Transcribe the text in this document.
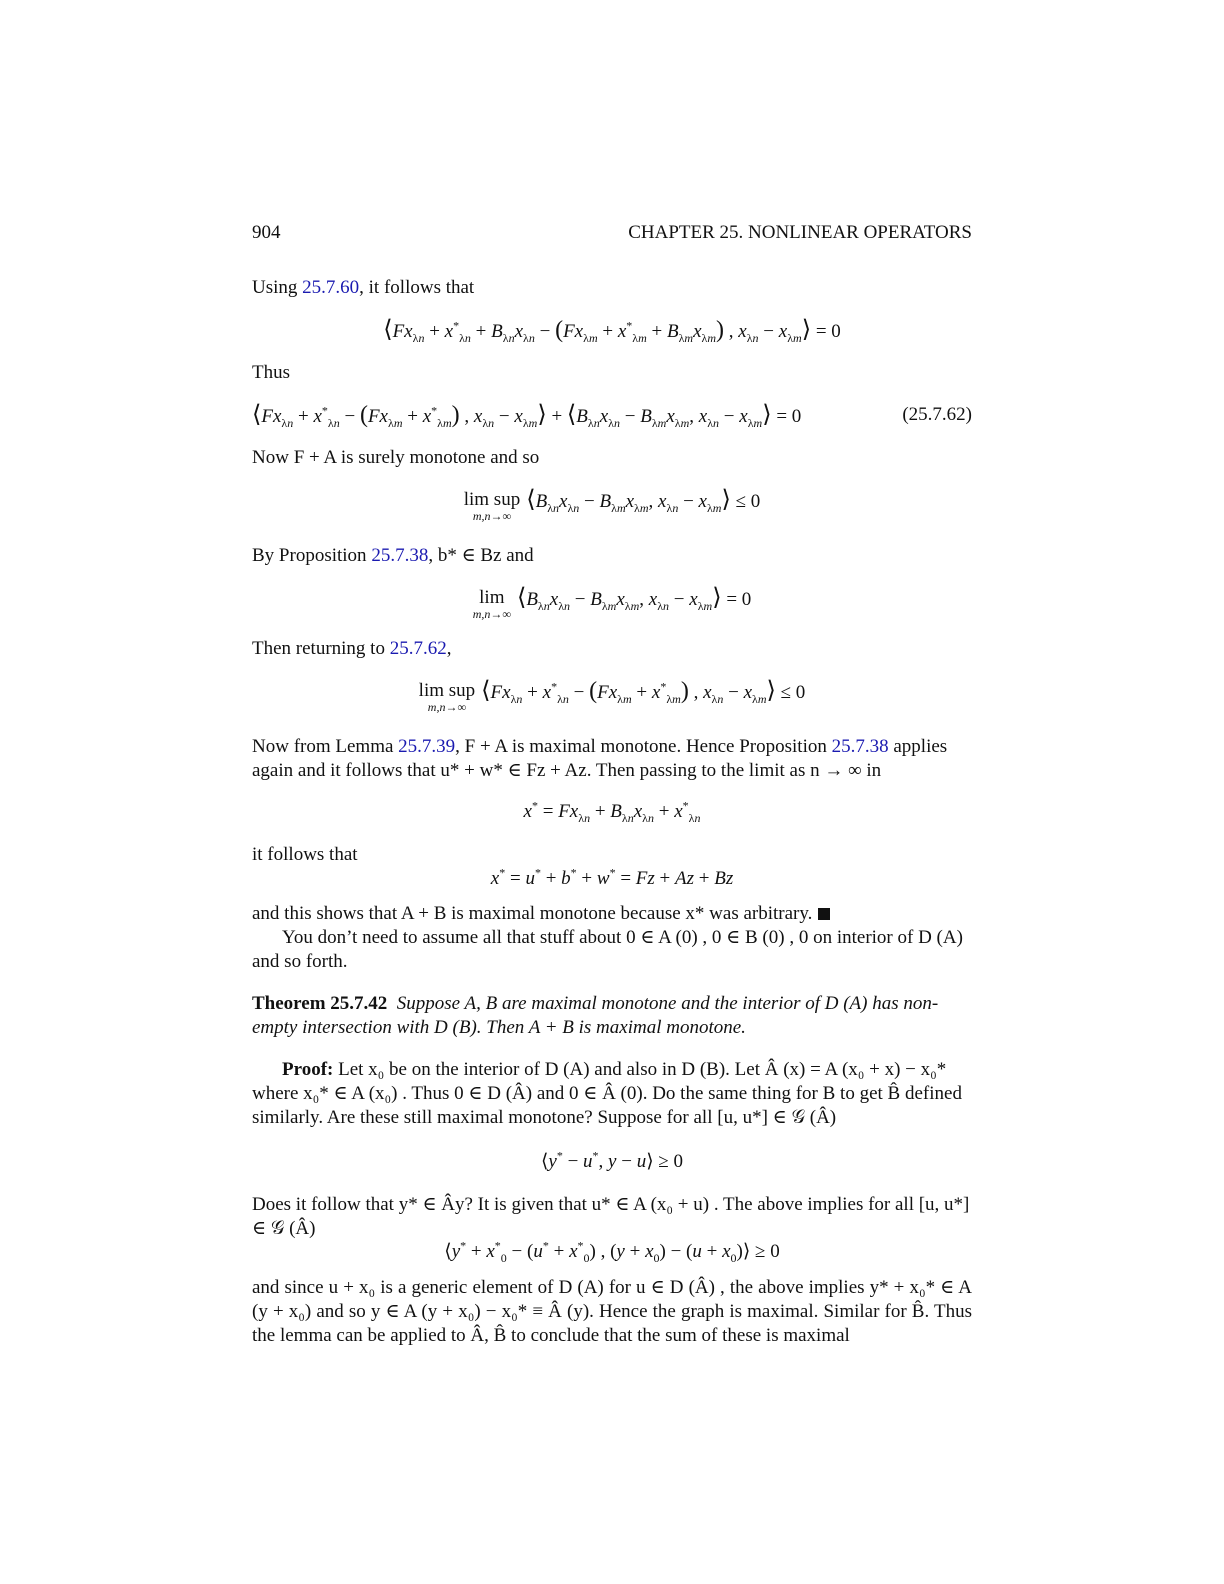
904	CHAPTER 25. NONLINEAR OPERATORS
Using 25.7.60, it follows that
$⟨Fx_{\lambda n} + x^*_{\lambda n} + B_{\lambda n}x_{\lambda n} - (Fx_{\lambda m} + x^*_{\lambda m} + B_{\lambda m}x_{\lambda m})$ , $x_{\lambda n}$ − $x_{\lambda m}⟩ = 0$
Thus
$⟨Fx_{\lambda n} + x^*_{\lambda n} - (Fx_{\lambda m} + x^*_{\lambda m})$ , $x_{\lambda n}$ − $x_{\lambda m}⟩$ + $⟨B_{\lambda n}x_{\lambda n} - B_{\lambda m}x_{\lambda m}$, $x_{\lambda n}$ − $x_{\lambda m}⟩ = 0$	(25.7.62)
Now F + A is surely monotone and so
lim sup
m,n→∞
$⟨B_{\lambda n}x_{\lambda n} - B_{\lambda m}x_{\lambda m}$, $x_{\lambda n}$ − $x_{\lambda m}⟩ \le 0$
By Proposition 25.7.38, b* ∈ Bz and
lim
m,n→∞
$⟨B_{\lambda n}x_{\lambda n} - B_{\lambda m}x_{\lambda m}$, $x_{\lambda n}$ − $x_{\lambda m}⟩ = 0$
Then returning to 25.7.62,
lim sup
m,n→∞
$⟨Fx_{\lambda n} + x^*_{\lambda n} - (Fx_{\lambda m} + x^*_{\lambda m})$ , $x_{\lambda n}$ − $x_{\lambda m}⟩ \le 0$
Now from Lemma 25.7.39, F + A is maximal monotone. Hence Proposition 25.7.38 applies again and it follows that u* + w* ∈ Fz + Az. Then passing to the limit as n → ∞ in
$x^* = Fx_{\lambda n} + B_{\lambda n}x_{\lambda n} + x^*_{\lambda n}$
it follows that
x* = u* + b* + w* = Fz + Az + Bz
and this shows that A + B is maximal monotone because x* was arbitrary.
You don’t need to assume all that stuff about 0 ∈ A (0) , 0 ∈ B (0) , 0 on interior of D (A) and so forth.
Theorem 25.7.42 Suppose A, B are maximal monotone and the interior of D (A) has non-empty intersection with D (B). Then A + B is maximal monotone.
Proof: Let x₀ be on the interior of D (A) and also in D (B). Let Â (x) = A (x₀ + x) − x₀* where x₀* ∈ A (x₀) . Thus 0 ∈ D (Â) and 0 ∈ Â (0). Do the same thing for B to get B̂ defined similarly. Are these still maximal monotone? Suppose for all [u, u*] ∈ 𝒢 (Â)
⟨y* − u*, y − u⟩ ≥ 0
Does it follow that y* ∈ Ây? It is given that u* ∈ A (x₀ + u) . The above implies for all [u, u*] ∈ 𝒢 (Â)
⟨y* + $x^*_0 - (u^* + x^*_0)$ , $(y + x_0) - (u$ + $x_0)⟩ \ge 0$
and since u + x₀ is a generic element of D (A) for u ∈ D (Â) , the above implies y* + x₀* ∈ A (y + x₀) and so y ∈ A (y + x₀) − x₀* ≡ Â (y). Hence the graph is maximal. Similar for B̂. Thus the lemma can be applied to Â, B̂ to conclude that the sum of these is maximal
